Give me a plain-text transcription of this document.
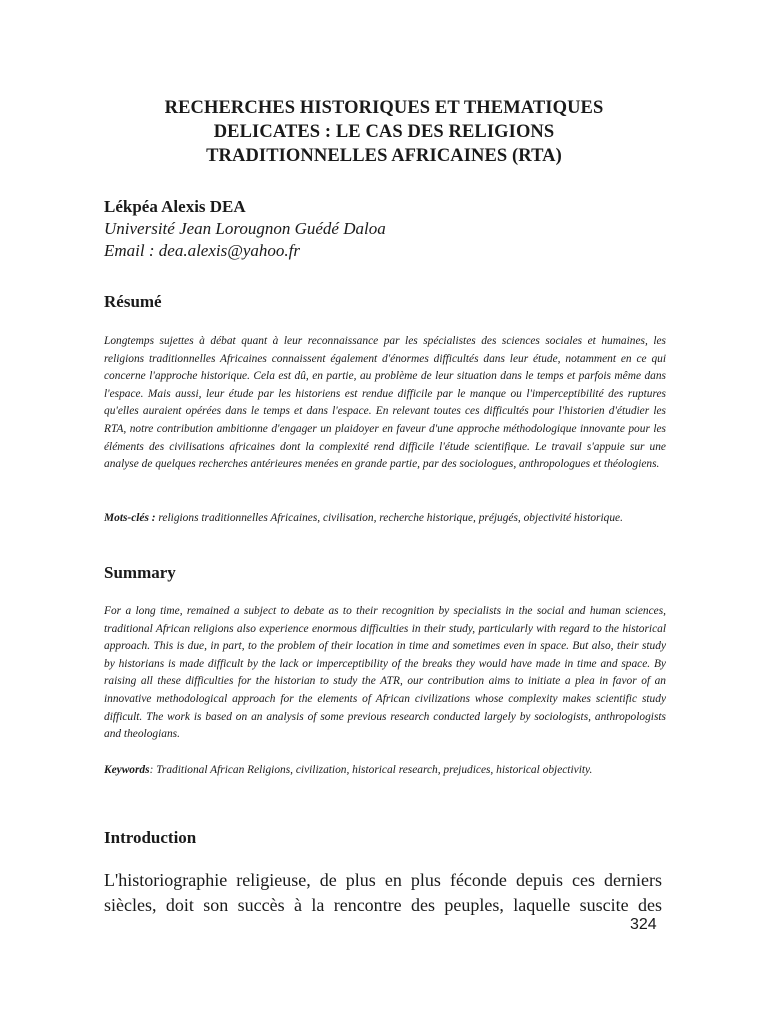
RECHERCHES HISTORIQUES ET THEMATIQUES
DELICATES : LE CAS DES RELIGIONS
TRADITIONNELLES AFRICAINES (RTA)
Lékpéa Alexis DEA
Université Jean Lorougnon Guédé Daloa
Email : dea.alexis@yahoo.fr
Résumé
Longtemps sujettes à débat quant à leur reconnaissance par les spécialistes des sciences sociales et humaines, les religions traditionnelles Africaines connaissent également d'énormes difficultés dans leur étude, notamment en ce qui concerne l'approche historique. Cela est dû, en partie, au problème de leur situation dans le temps et parfois même dans l'espace. Mais aussi, leur étude par les historiens est rendue difficile par le manque ou l'imperceptibilité des ruptures qu'elles auraient opérées dans le temps et dans l'espace. En relevant toutes ces difficultés pour l'historien d'étudier les RTA, notre contribution ambitionne d'engager un plaidoyer en faveur d'une approche méthodologique innovante pour les éléments des civilisations africaines dont la complexité rend difficile l'étude scientifique. Le travail s'appuie sur une analyse de quelques recherches antérieures menées en grande partie, par des sociologues, anthropologues et théologiens.
Mots-clés : religions traditionnelles Africaines, civilisation, recherche historique, préjugés, objectivité historique.
Summary
For a long time, remained a subject to debate as to their recognition by specialists in the social and human sciences, traditional African religions also experience enormous difficulties in their study, particularly with regard to the historical approach. This is due, in part, to the problem of their location in time and sometimes even in space. But also, their study by historians is made difficult by the lack or imperceptibility of the breaks they would have made in time and space. By raising all these difficulties for the historian to study the ATR, our contribution aims to initiate a plea in favor of an innovative methodological approach for the elements of African civilizations whose complexity makes scientific study difficult. The work is based on an analysis of some previous research conducted largely by sociologists, anthropologists and theologians.
Keywords: Traditional African Religions, civilization, historical research, prejudices, historical objectivity.
Introduction
L'historiographie religieuse, de plus en plus féconde depuis ces derniers
siècles, doit son succès à la rencontre des peuples, laquelle suscite des
324
